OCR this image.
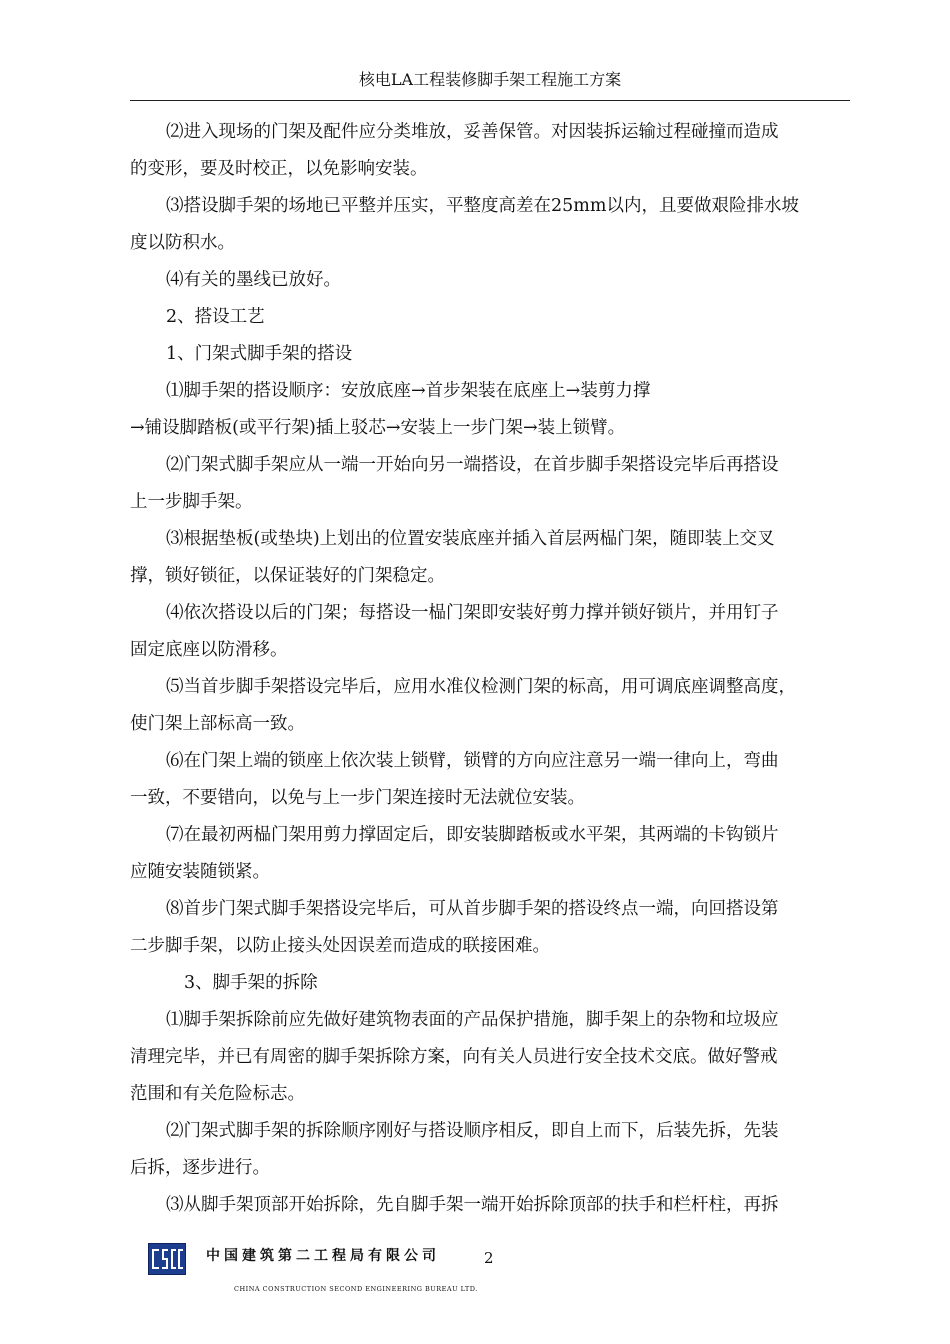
核电LA工程装修脚手架工程施工方案

⑵进入现场的门架及配件应分类堆放，妥善保管。对因装拆运输过程碰撞而造成

的变形，要及时校正，以免影响安装。

⑶搭设脚手架的场地已平整并压实，平整度高差在25mm以内，且要做艰险排水坡

度以防积水。

⑷有关的墨线已放好。

2、搭设工艺

1、门架式脚手架的搭设

⑴脚手架的搭设顺序：安放底座→首步架装在底座上→装剪力撑

→铺设脚踏板(或平行架)插上驳芯→安装上一步门架→装上锁臂。

⑵门架式脚手架应从一端一开始向另一端搭设，在首步脚手架搭设完毕后再搭设

上一步脚手架。

⑶根据垫板(或垫块)上划出的位置安装底座并插入首层两榀门架，随即装上交叉

撑，锁好锁征，以保证装好的门架稳定。

⑷依次搭设以后的门架；每搭设一榀门架即安装好剪力撑并锁好锁片，并用钉子

固定底座以防滑移。

⑸当首步脚手架搭设完毕后，应用水准仪检测门架的标高，用可调底座调整高度，

使门架上部标高一致。

⑹在门架上端的锁座上依次装上锁臂，锁臂的方向应注意另一端一律向上，弯曲

一致，不要错向，以免与上一步门架连接时无法就位安装。

⑺在最初两榀门架用剪力撑固定后，即安装脚踏板或水平架，其两端的卡钩锁片

应随安装随锁紧。

⑻首步门架式脚手架搭设完毕后，可从首步脚手架的搭设终点一端，向回搭设第

二步脚手架，以防止接头处因误差而造成的联接困难。

3、脚手架的拆除

⑴脚手架拆除前应先做好建筑物表面的产品保护措施，脚手架上的杂物和垃圾应

清理完毕，并已有周密的脚手架拆除方案，向有关人员进行安全技术交底。做好警戒

范围和有关危险标志。

⑵门架式脚手架的拆除顺序刚好与搭设顺序相反，即自上而下，后装先拆，先装

后拆，逐步进行。

⑶从脚手架顶部开始拆除，先自脚手架一端开始拆除顶部的扶手和栏杆柱，再拆

中国建筑第二工程局有限公司	2
CHINA CONSTRUCTION SECOND ENGINEERING BUREAU LTD.
